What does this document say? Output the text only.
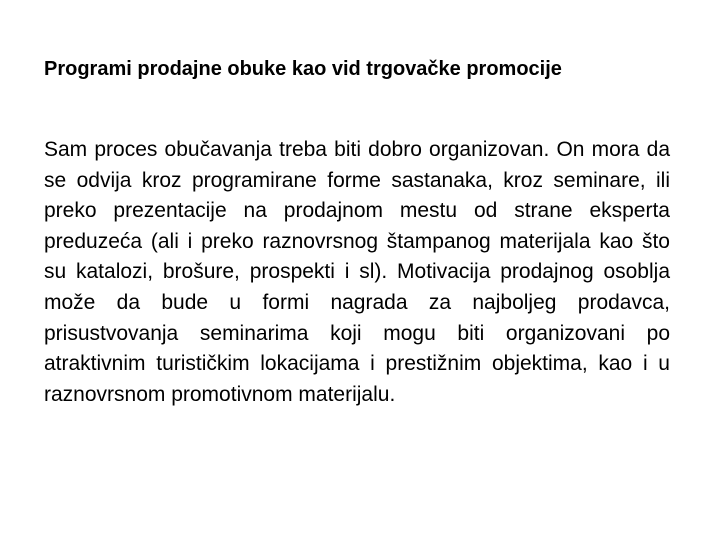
Programi prodajne obuke kao vid trgovačke promocije

Sam proces obučavanja treba biti dobro organizovan. On mora da se odvija kroz programirane forme sastanaka, kroz seminare, ili preko prezentacije na prodajnom mestu od strane eksperta preduzeća (ali i preko raznovrsnog štampanog materijala kao što su katalozi, brošure, prospekti i sl). Motivacija prodajnog osoblja može da bude u formi nagrada za najboljeg prodavca, prisustvovanja seminarima koji mogu biti organizovani po atraktivnim turističkim lokacijama i prestižnim objektima, kao i u raznovrsnom promotivnom materijalu.
